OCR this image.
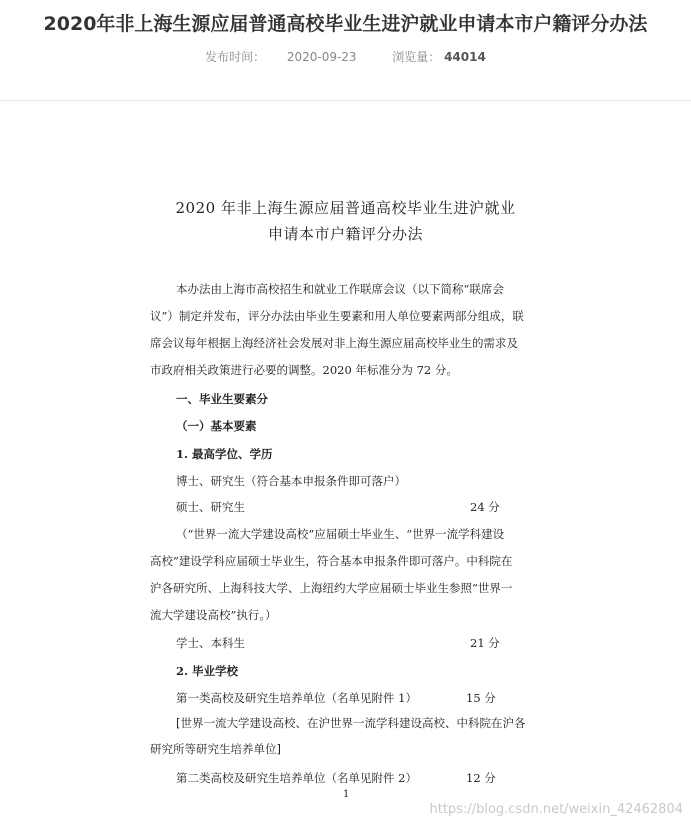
2020年非上海生源应届普通高校毕业生进沪就业申请本市户籍评分办法
发布时间： 2020-09-23	浏览量： 44014
2020 年非上海生源应届普通高校毕业生进沪就业
申请本市户籍评分办法
本办法由上海市高校招生和就业工作联席会议（以下简称“联席会
议”）制定并发布，评分办法由毕业生要素和用人单位要素两部分组成，联
席会议每年根据上海经济社会发展对非上海生源应届高校毕业生的需求及
市政府相关政策进行必要的调整。2020 年标准分为 72 分。
一、毕业生要素分
（一）基本要素
1. 最高学位、学历
博士、研究生（符合基本申报条件即可落户）
硕士、研究生	24 分
（“世界一流大学建设高校”应届硕士毕业生、“世界一流学科建设
高校”建设学科应届硕士毕业生，符合基本申报条件即可落户。中科院在
沪各研究所、上海科技大学、上海纽约大学应届硕士毕业生参照“世界一
流大学建设高校”执行。）
学士、本科生	21 分
2. 毕业学校
第一类高校及研究生培养单位（名单见附件 1）	15 分
[世界一流大学建设高校、在沪世界一流学科建设高校、中科院在沪各
研究所等研究生培养单位]
第二类高校及研究生培养单位（名单见附件 2）	12 分
1
https://blog.csdn.net/weixin_42462804
